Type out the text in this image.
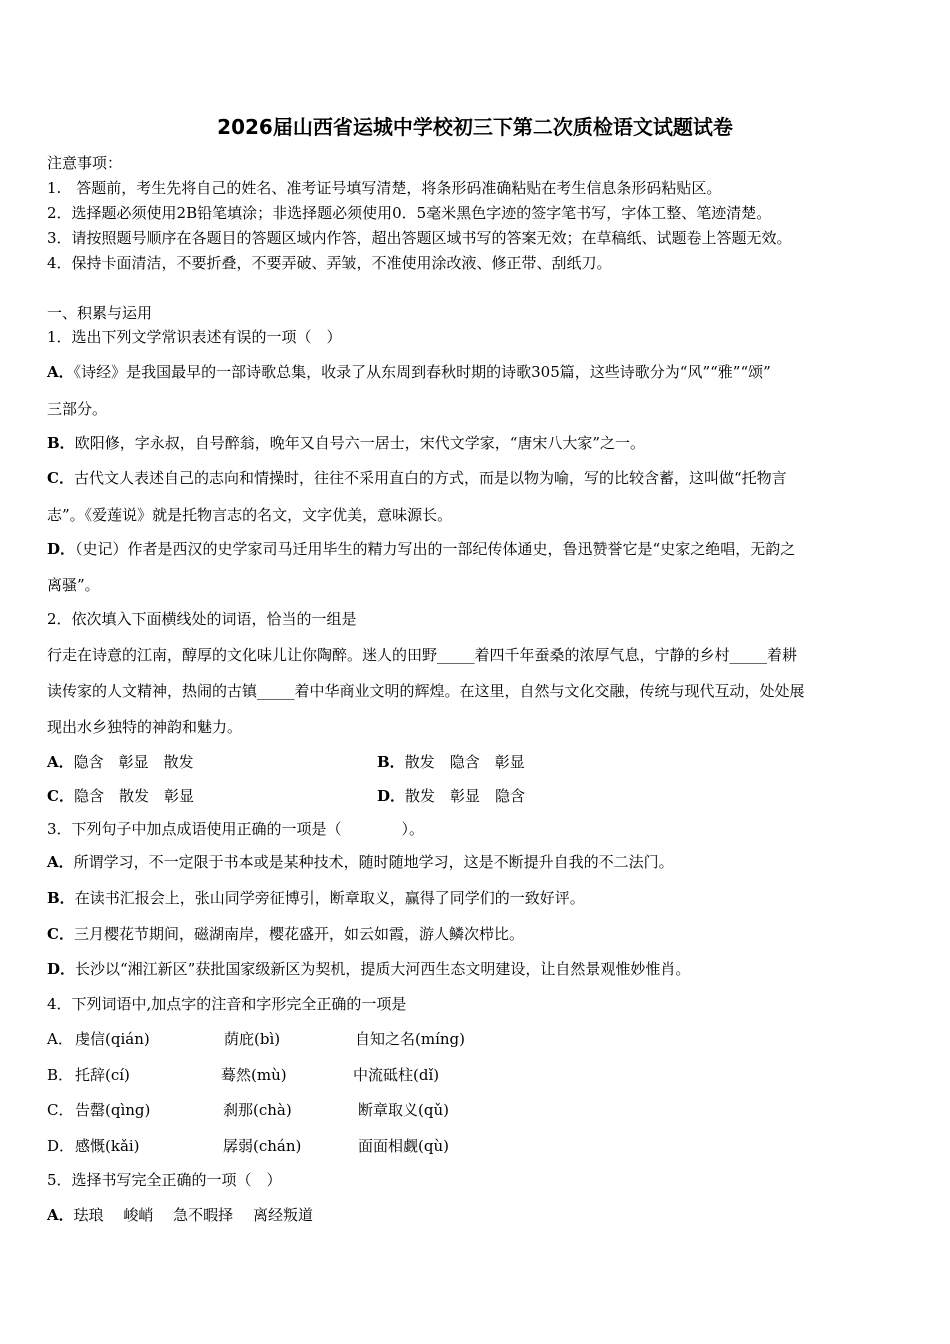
2026届山西省运城中学校初三下第二次质检语文试题试卷
注意事项：
1.　答题前，考生先将自己的姓名、准考证号填写清楚，将条形码准确粘贴在考生信息条形码粘贴区。
2．选择题必须使用2B铅笔填涂；非选择题必须使用0．5毫米黑色字迹的签字笔书写，字体工整、笔迹清楚。
3．请按照题号顺序在各题目的答题区域内作答，超出答题区域书写的答案无效；在草稿纸、试题卷上答题无效。
4．保持卡面清洁，不要折叠，不要弄破、弄皱，不准使用涂改液、修正带、刮纸刀。
一、积累与运用
1．选出下列文学常识表述有误的一项（　）
A．《诗经》是我国最早的一部诗歌总集，收录了从东周到春秋时期的诗歌305篇，这些诗歌分为“风”“雅”“颂”
三部分。
B．欧阳修，字永叔，自号醉翁，晚年又自号六一居士，宋代文学家，“唐宋八大家”之一。
C．古代文人表述自己的志向和情操时，往往不采用直白的方式，而是以物为喻，写的比较含蓄，这叫做“托物言
志”。《爱莲说》就是托物言志的名文，文字优美，意味源长。
D．（史记）作者是西汉的史学家司马迁用毕生的精力写出的一部纪传体通史，鲁迅赞誉它是“史家之绝唱，无韵之
离骚”。
2．依次填入下面横线处的词语，恰当的一组是
行走在诗意的江南，醇厚的文化味儿让你陶醉。迷人的田野_____着四千年蚕桑的浓厚气息，宁静的乡村_____着耕
读传家的人文精神，热闹的古镇_____着中华商业文明的辉煌。在这里，自然与文化交融，传统与现代互动，处处展
现出水乡独特的神韵和魅力。
A．隐含　彰显　散发	B．散发　隐含　彰显
C．隐含　散发　彰显	D．散发　彰显　隐含
3．下列句子中加点成语使用正确的一项是（　　　　）。
A．所谓学习，不一定限于书本或是某种技术，随时随地学习，这是不断提升自我的不二法门。
B．在读书汇报会上，张山同学旁征博引，断章取义，赢得了同学们的一致好评。
C．三月樱花节期间，磁湖南岸，樱花盛开，如云如霞，游人鳞次栉比。
D．长沙以“湘江新区”获批国家级新区为契机，提质大河西生态文明建设，让自然景观惟妙惟肖。
4．下列词语中,加点字的注音和字形完全正确的一项是
A． 虔信(qián)	荫庇(bì)	自知之名(míng)
B． 托辞(cí)	蓦然(mù)	中流砥柱(dǐ)
C． 告罄(qìng)	刹那(chà)	断章取义(qǔ)
D． 感慨(kǎi)	孱弱(chán)	面面相觑(qù)
5．选择书写完全正确的一项（　）
A．珐琅　 峻峭　 急不暇择　 离经叛道
